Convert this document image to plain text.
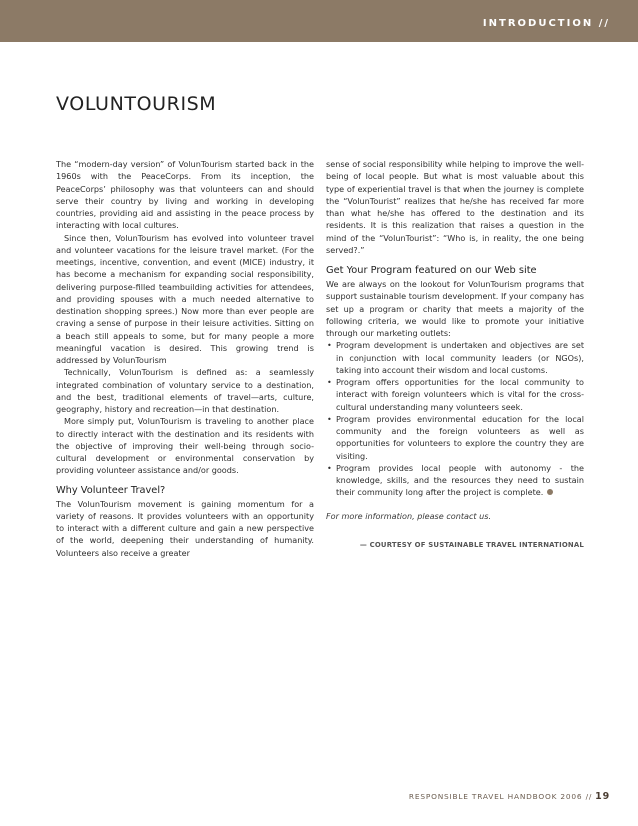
INTRODUCTION //
VOLUNTOURISM

The “modern-day version” of VolunTourism started back in the 1960s with the PeaceCorps. From its inception, the PeaceCorps’ philosophy was that volunteers can and should serve their country by living and working in developing countries, providing aid and assisting in the peace process by interacting with local cultures.

Since then, VolunTourism has evolved into volunteer travel and volunteer vacations for the leisure travel market. (For the meetings, incentive, convention, and event (MICE) industry, it has become a mechanism for expanding social responsibility, delivering purpose-filled teambuilding activities for attendees, and providing spouses with a much needed alternative to destination shopping sprees.) Now more than ever people are craving a sense of purpose in their leisure activities. Sitting on a beach still appeals to some, but for many people a more meaningful vacation is desired. This growing trend is addressed by VolunTourism

Technically, VolunTourism is defined as: a seamlessly integrated combination of voluntary service to a destination, and the best, traditional elements of travel—arts, culture, geography, history and recreation—in that destination.

More simply put, VolunTourism is traveling to another place to directly interact with the destination and its residents with the objective of improving their well-being through socio-cultural development or environmental conservation by providing volunteer assistance and/or goods.

Why Volunteer Travel?

The VolunTourism movement is gaining momentum for a variety of reasons. It provides volunteers with an opportunity to interact with a different culture and gain a new perspective of the world, deepening their understanding of humanity. Volunteers also receive a greater

sense of social responsibility while helping to improve the well-being of local people. But what is most valuable about this type of experiential travel is that when the journey is complete the “VolunTourist” realizes that he/she has received far more than what he/she has offered to the destination and its residents. It is this realization that raises a question in the mind of the “VolunTourist”: “Who is, in reality, the one being served?.”

Get Your Program featured on our Web site

We are always on the lookout for VolunTourism programs that support sustainable tourism development. If your company has set up a program or charity that meets a majority of the following criteria, we would like to promote your initiative through our marketing outlets:

• Program development is undertaken and objectives are set in conjunction with local community leaders (or NGOs), taking into account their wisdom and local customs.
• Program offers opportunities for the local community to interact with foreign volunteers which is vital for the cross-cultural understanding many volunteers seek.
• Program provides environmental education for the local community and the foreign volunteers as well as opportunities for volunteers to explore the country they are visiting.
• Program provides local people with autonomy - the knowledge, skills, and the resources they need to sustain their community long after the project is complete.

For more information, please contact us.

— COURTESY OF SUSTAINABLE TRAVEL INTERNATIONAL

RESPONSIBLE TRAVEL HANDBOOK 2006 // 19
